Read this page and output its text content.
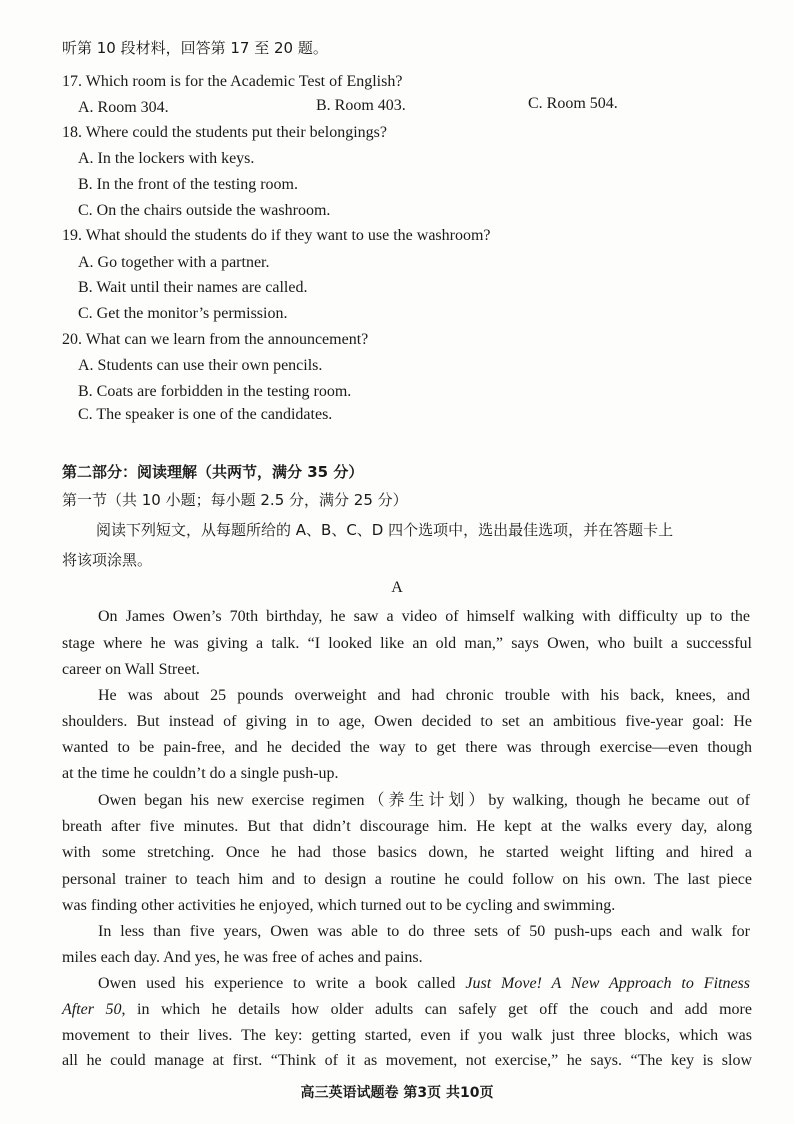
听第 10 段材料，回答第 17 至 20 题。
17. Which room is for the Academic Test of English?
A. Room 304.	B. Room 403.	C. Room 504.
18. Where could the students put their belongings?
A. In the lockers with keys.
B. In the front of the testing room.
C. On the chairs outside the washroom.
19. What should the students do if they want to use the washroom?
A. Go together with a partner.
B. Wait until their names are called.
C. Get the monitor’s permission.
20. What can we learn from the announcement?
A. Students can use their own pencils.
B. Coats are forbidden in the testing room.
C. The speaker is one of the candidates.
第二部分：阅读理解（共两节，满分 35 分）
第一节（共 10 小题；每小题 2.5 分，满分 25 分）
阅读下列短文，从每题所给的 A、B、C、D 四个选项中，选出最佳选项，并在答题卡上
将该项涂黑。
A
On James Owen’s 70th birthday, he saw a video of himself walking with difficulty up to the
stage where he was giving a talk. “I looked like an old man,” says Owen, who built a successful
career on Wall Street.
He was about 25 pounds overweight and had chronic trouble with his back, knees, and
shoulders. But instead of giving in to age, Owen decided to set an ambitious five-year goal: He
wanted to be pain-free, and he decided the way to get there was through exercise—even though
at the time he couldn’t do a single push-up.
Owen began his new exercise regimen（养生计划）by walking, though he became out of
breath after five minutes. But that didn’t discourage him. He kept at the walks every day, along
with some stretching. Once he had those basics down, he started weight lifting and hired a
personal trainer to teach him and to design a routine he could follow on his own. The last piece
was finding other activities he enjoyed, which turned out to be cycling and swimming.
In less than five years, Owen was able to do three sets of 50 push-ups each and walk for
miles each day. And yes, he was free of aches and pains.
Owen used his experience to write a book called Just Move! A New Approach to Fitness
After 50, in which he details how older adults can safely get off the couch and add more
movement to their lives. The key: getting started, even if you walk just three blocks, which was
all he could manage at first. “Think of it as movement, not exercise,” he says. “The key is slow
高三英语试题卷 第3页 共10页
